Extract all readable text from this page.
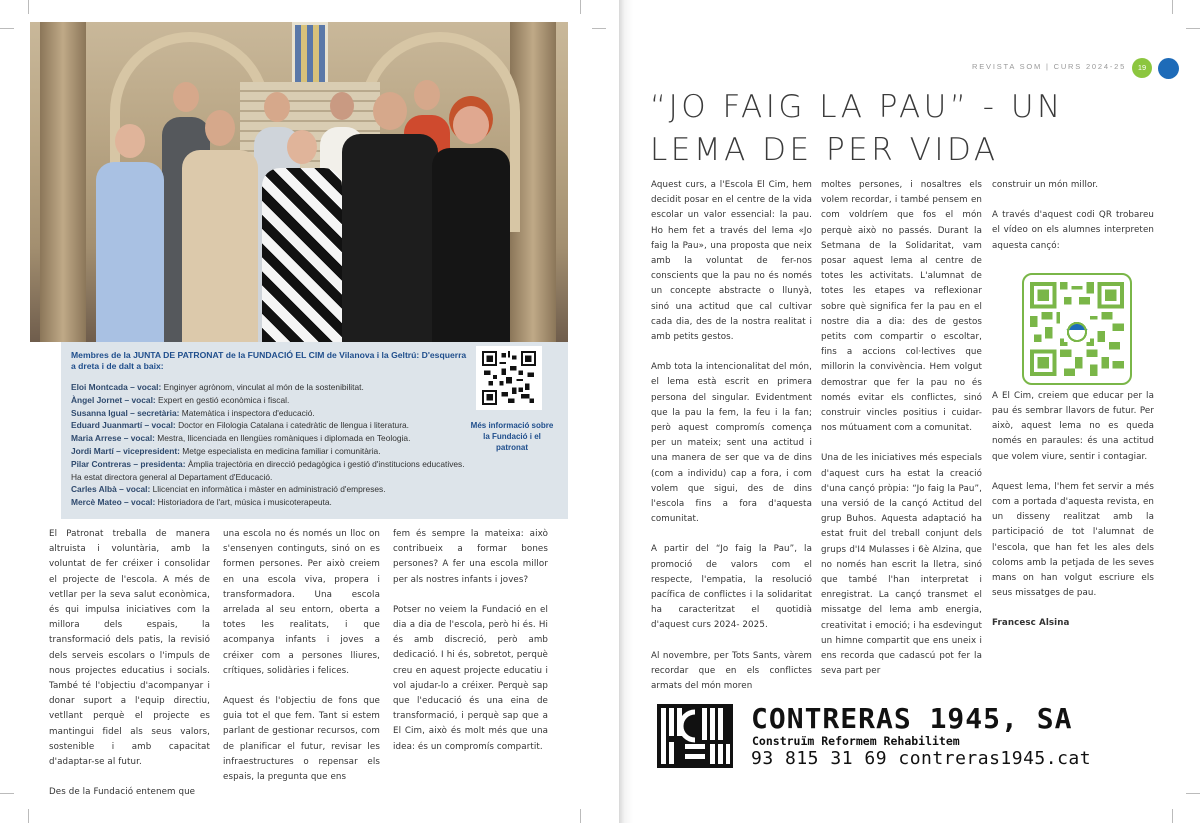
Membres de la JUNTA DE PATRONAT de la FUNDACIÓ EL CIM de Vilanova i la Geltrú: D'esquerra a dreta i de dalt a baix:
Eloi Montcada – vocal: Enginyer agrònom, vinculat al món de la sostenibilitat.
Àngel Jornet – vocal: Expert en gestió econòmica i fiscal.
Susanna Igual – secretària: Matemàtica i inspectora d'educació.
Eduard Juanmartí – vocal: Doctor en Filologia Catalana i catedràtic de llengua i literatura.
Maria Arrese – vocal: Mestra, llicenciada en llengües romàniques i diplomada en Teologia.
Jordi Martí – vicepresident: Metge especialista en medicina familiar i comunitària.
Pilar Contreras – presidenta: Àmplia trajectòria en direcció pedagògica i gestió d'institucions educatives. Ha estat directora general al Departament d'Educació.
Carles Albà – vocal: Llicenciat en informàtica i màster en administració d'empreses.
Mercè Mateo – vocal: Historiadora de l'art, música i musicoterapeuta.
Més informació sobre la Fundació i el patronat

El Patronat treballa de manera altruista i voluntària, amb la voluntat de fer créixer i consolidar el projecte de l'escola. A més de vetllar per la seva salut econòmica, és qui impulsa iniciatives com la millora dels espais, la transformació dels patis, la revisió dels serveis escolars o l'impuls de nous projectes educatius i socials. També té l'objectiu d'acompanyar i donar suport a l'equip directiu, vetllant perquè el projecte es mantingui fidel als seus valors, sostenible i amb capacitat d'adaptar-se al futur.

Des de la Fundació entenem que

una escola no és només un lloc on s'ensenyen continguts, sinó on es formen persones. Per això creiem en una escola viva, propera i transformadora. Una escola arrelada al seu entorn, oberta a totes les realitats, i que acompanya infants i joves a créixer com a persones lliures, crítiques, solidàries i felices.

Aquest és l'objectiu de fons que guia tot el que fem. Tant si estem parlant de gestionar recursos, com de planificar el futur, revisar les infraestructures o repensar els espais, la pregunta que ens

fem és sempre la mateixa: això contribueix a formar bones persones? A fer una escola millor per als nostres infants i joves?

Potser no veiem la Fundació en el dia a dia de l'escola, però hi és. Hi és amb discreció, però amb dedicació. I hi és, sobretot, perquè creu en aquest projecte educatiu i vol ajudar-lo a créixer. Perquè sap que l'educació és una eina de transformació, i perquè sap que a El Cim, això és molt més que una idea: és un compromís compartit.

REVISTA SOM | CURS 2024-25	19
“JO FAIG LA PAU” - UN
LEMA DE PER VIDA

Aquest curs, a l'Escola El Cim, hem decidit posar en el centre de la vida escolar un valor essencial: la pau. Ho hem fet a través del lema «Jo faig la Pau», una proposta que neix amb la voluntat de fer-nos conscients que la pau no és només un concepte abstracte o llunyà, sinó una actitud que cal cultivar cada dia, des de la nostra realitat i amb petits gestos.

Amb tota la intencionalitat del món, el lema està escrit en primera persona del singular. Evidentment que la pau la fem, la feu i la fan; però aquest compromís comença per un mateix; sent una actitud i una manera de ser que va de dins (com a individu) cap a fora, i com volem que sigui, des de dins l'escola fins a fora d'aquesta comunitat.

A partir del “Jo faig la Pau”, la promoció de valors com el respecte, l'empatia, la resolució pacífica de conflictes i la solidaritat ha caracteritzat el quotidià d'aquest curs 2024- 2025.

Al novembre, per Tots Sants, vàrem recordar que en els conflictes armats del món moren

moltes persones, i nosaltres els volem recordar, i també pensem en com voldríem que fos el món perquè això no passés. Durant la Setmana de la Solidaritat, vam posar aquest lema al centre de totes les activitats. L'alumnat de totes les etapes va reflexionar sobre què significa fer la pau en el nostre dia a dia: des de gestos petits com compartir o escoltar, fins a accions col·lectives que millorin la convivència. Hem volgut demostrar que fer la pau no és només evitar els conflictes, sinó construir vincles positius i cuidar-nos mútuament com a comunitat.

Una de les iniciatives més especials d'aquest curs ha estat la creació d'una cançó pròpia: “Jo faig la Pau”, una versió de la cançó Actitud del grup Buhos. Aquesta adaptació ha estat fruit del treball conjunt dels grups d'I4 Mulasses i 6è Alzina, que no només han escrit la lletra, sinó que també l'han interpretat i enregistrat. La cançó transmet el missatge del lema amb energia, creativitat i emoció; i ha esdevingut un himne compartit que ens uneix i ens recorda que cadascú pot fer la seva part per

construir un món millor.

A través d'aquest codi QR trobareu el vídeo on els alumnes interpreten aquesta cançó:

A El Cim, creiem que educar per la pau és sembrar llavors de futur. Per això, aquest lema no es queda només en paraules: és una actitud que volem viure, sentir i contagiar.

Aquest lema, l'hem fet servir a més com a portada d'aquesta revista, en un disseny realitzat amb la participació de tot l'alumnat de l'escola, que han fet les ales dels coloms amb la petjada de les seves mans on han volgut escriure els seus missatges de pau.

Francesc Alsina

CONTRERAS 1945, SA
Construïm Reformem Rehabilitem
93 815 31 69 contreras1945.cat
